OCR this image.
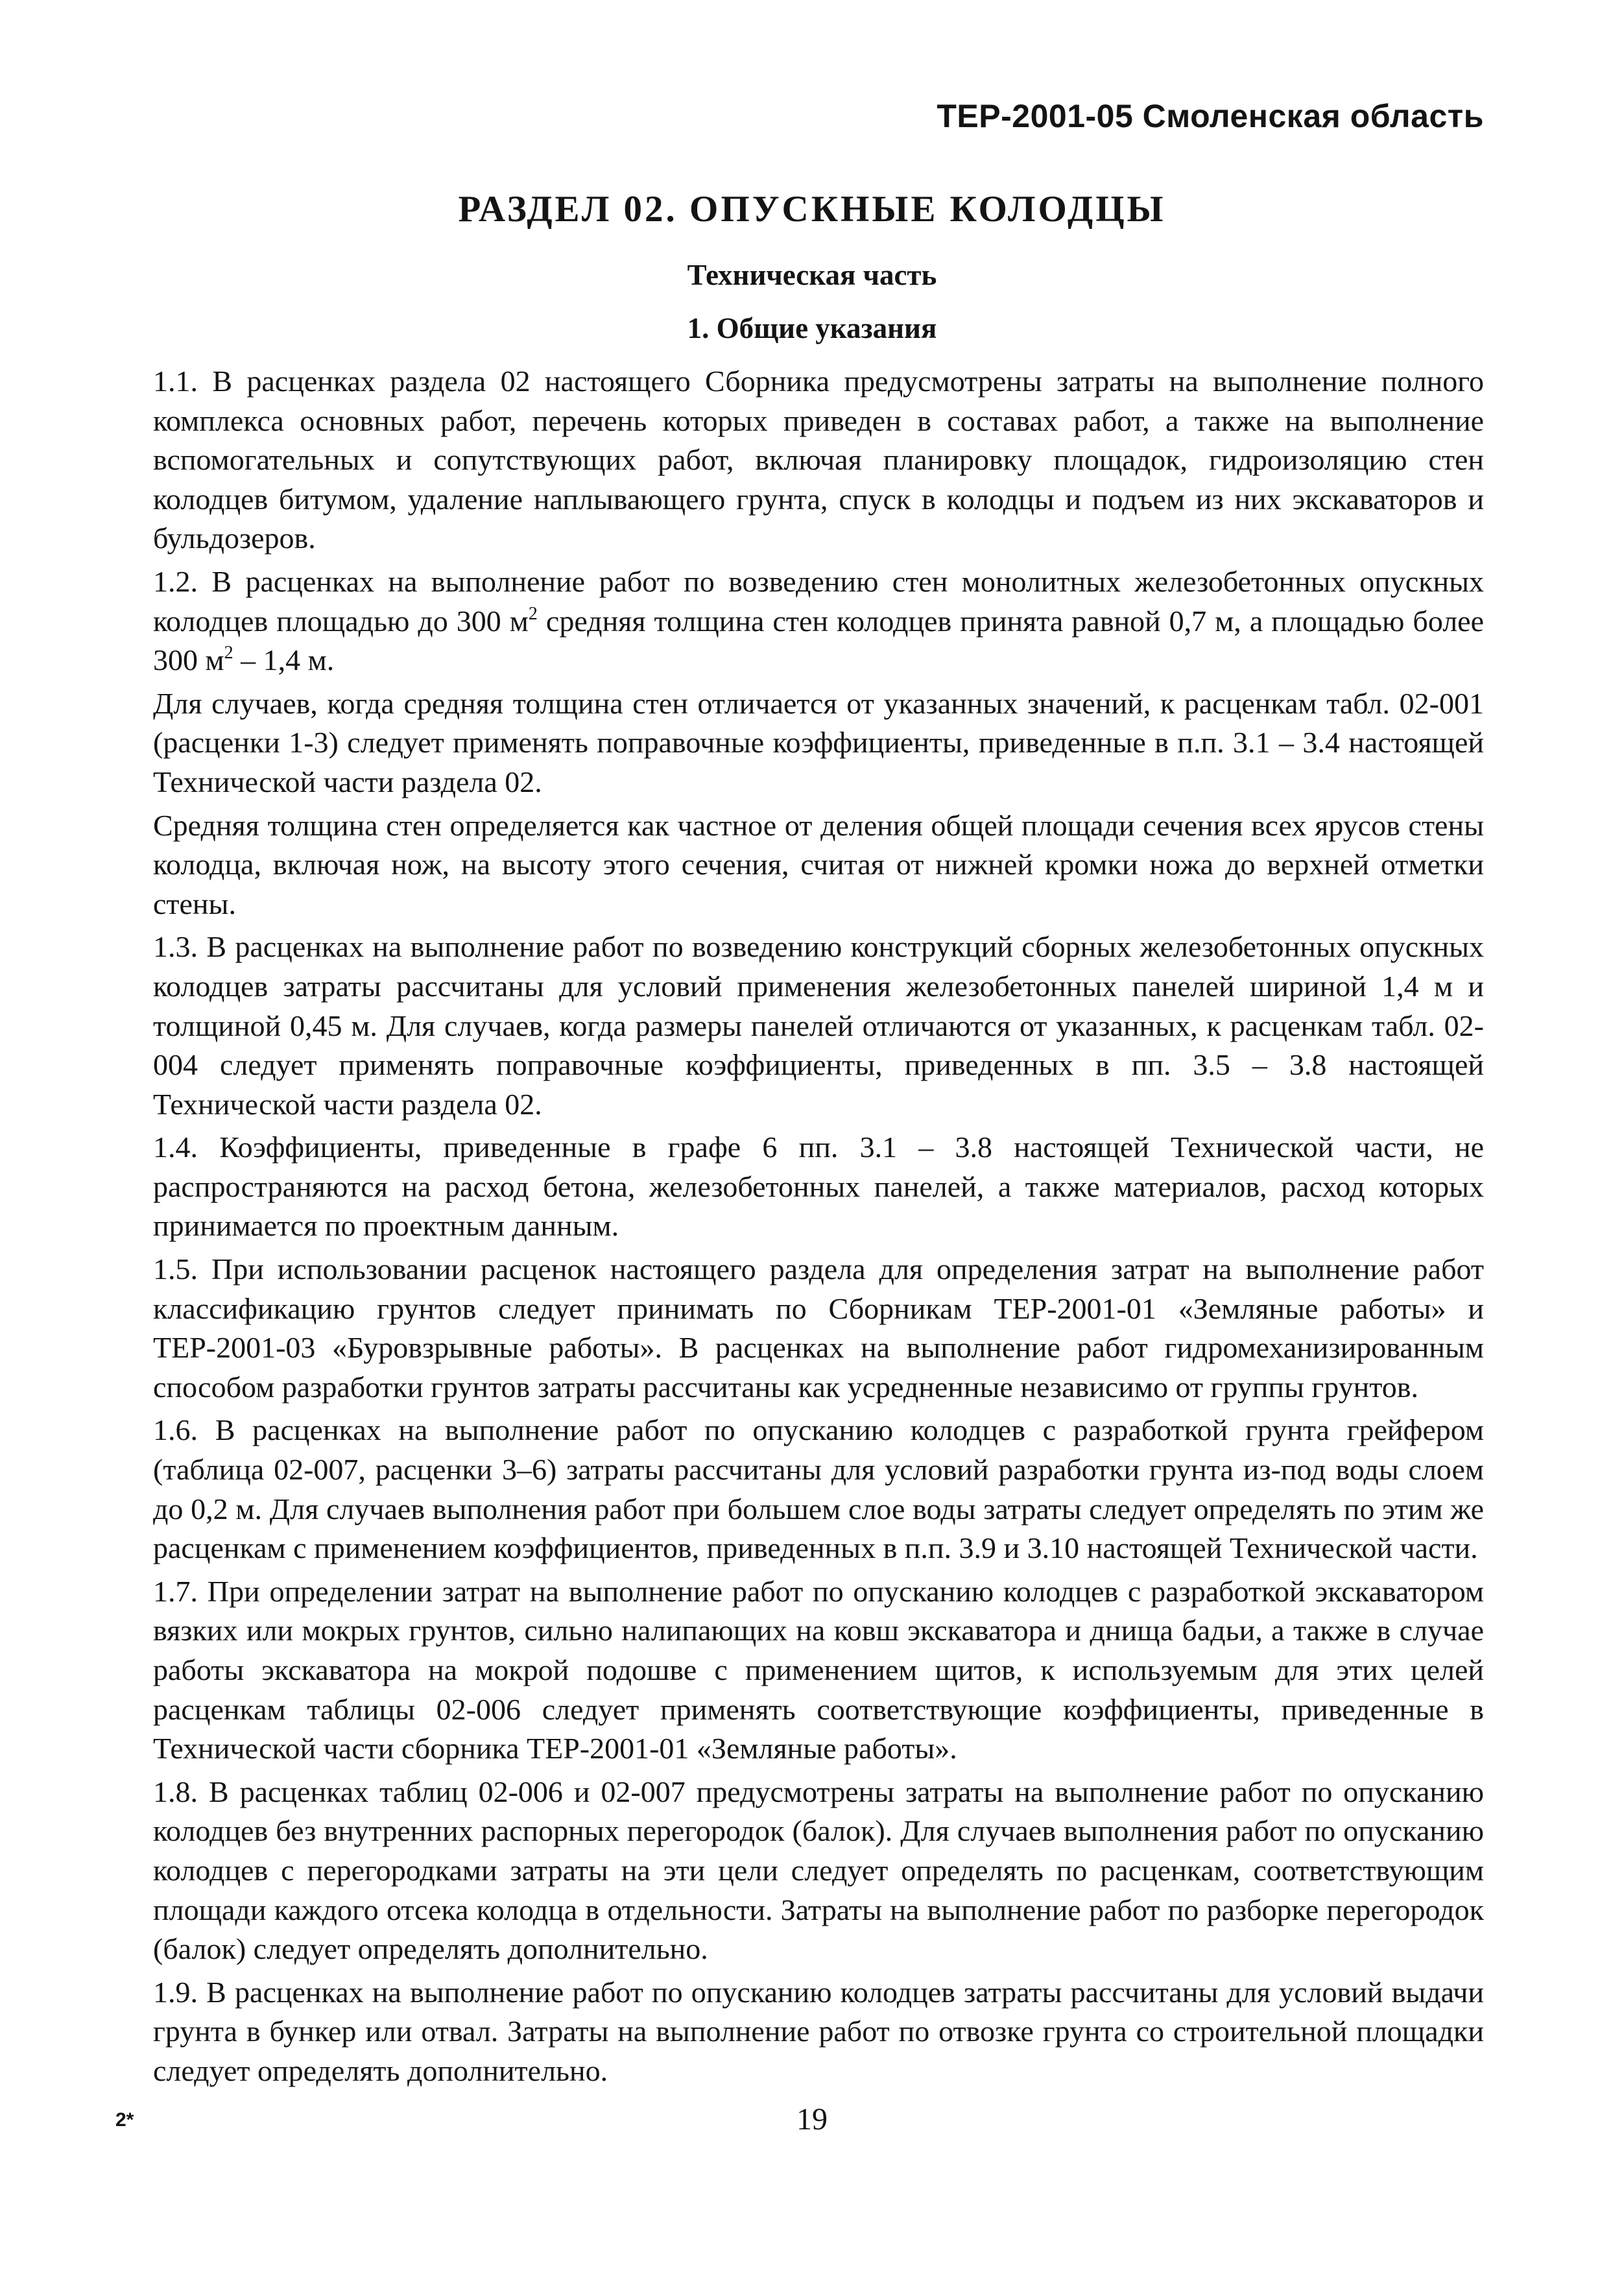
ТЕР-2001-05 Смоленская область
РАЗДЕЛ 02. ОПУСКНЫЕ КОЛОДЦЫ
Техническая часть
1. Общие указания

1.1. В расценках раздела 02 настоящего Сборника предусмотрены затраты на выполнение полного комплекса основных работ, перечень которых приведен в составах работ, а также на выполнение вспомогательных и сопутствующих работ, включая планировку площадок, гидроизоляцию стен колодцев битумом, удаление наплывающего грунта, спуск в колодцы и подъем из них экскаваторов и бульдозеров.

1.2. В расценках на выполнение работ по возведению стен монолитных железобетонных опускных колодцев площадью до 300 $м^2$ средняя толщина стен колодцев принята равной 0,7 м, а площадью более 300 $м^2 - 1,4$ м.

Для случаев, когда средняя толщина стен отличается от указанных значений, к расценкам табл. 02-001 (расценки 1-3) следует применять поправочные коэффициенты, приведенные в п.п. 3.1 – 3.4 настоящей Технической части раздела 02.

Средняя толщина стен определяется как частное от деления общей площади сечения всех ярусов стены колодца, включая нож, на высоту этого сечения, считая от нижней кромки ножа до верхней отметки стены.

1.3. В расценках на выполнение работ по возведению конструкций сборных железобетонных опускных колодцев затраты рассчитаны для условий применения железобетонных панелей шириной 1,4 м и толщиной 0,45 м. Для случаев, когда размеры панелей отличаются от указанных, к расценкам табл. 02-004 следует применять поправочные коэффициенты, приведенных в пп. 3.5 – 3.8 настоящей Технической части раздела 02.

1.4. Коэффициенты, приведенные в графе 6 пп. 3.1 – 3.8 настоящей Технической части, не распространяются на расход бетона, железобетонных панелей, а также материалов, расход которых принимается по проектным данным.

1.5. При использовании расценок настоящего раздела для определения затрат на выполнение работ классификацию грунтов следует принимать по Сборникам ТЕР-2001-01 «Земляные работы» и ТЕР-2001-03 «Буровзрывные работы». В расценках на выполнение работ гидромеханизированным способом разработки грунтов затраты рассчитаны как усредненные независимо от группы грунтов.

1.6. В расценках на выполнение работ по опусканию колодцев с разработкой грунта грейфером (таблица 02-007, расценки 3–6) затраты рассчитаны для условий разработки грунта из-под воды слоем до 0,2 м. Для случаев выполнения работ при большем слое воды затраты следует определять по этим же расценкам с применением коэффициентов, приведенных в п.п. 3.9 и 3.10 настоящей Технической части.

1.7. При определении затрат на выполнение работ по опусканию колодцев с разработкой экскаватором вязких или мокрых грунтов, сильно налипающих на ковш экскаватора и днища бадьи, а также в случае работы экскаватора на мокрой подошве с применением щитов, к используемым для этих целей расценкам таблицы 02-006 следует применять соответствующие коэффициенты, приведенные в Технической части сборника ТЕР-2001-01 «Земляные работы».

1.8. В расценках таблиц 02-006 и 02-007 предусмотрены затраты на выполнение работ по опусканию колодцев без внутренних распорных перегородок (балок). Для случаев выполнения работ по опусканию колодцев с перегородками затраты на эти цели следует определять по расценкам, соответствующим площади каждого отсека колодца в отдельности. Затраты на выполнение работ по разборке перегородок (балок) следует определять дополнительно.

1.9. В расценках на выполнение работ по опусканию колодцев затраты рассчитаны для условий выдачи грунта в бункер или отвал. Затраты на выполнение работ по отвозке грунта со строительной площадки следует определять дополнительно.

2*	19
